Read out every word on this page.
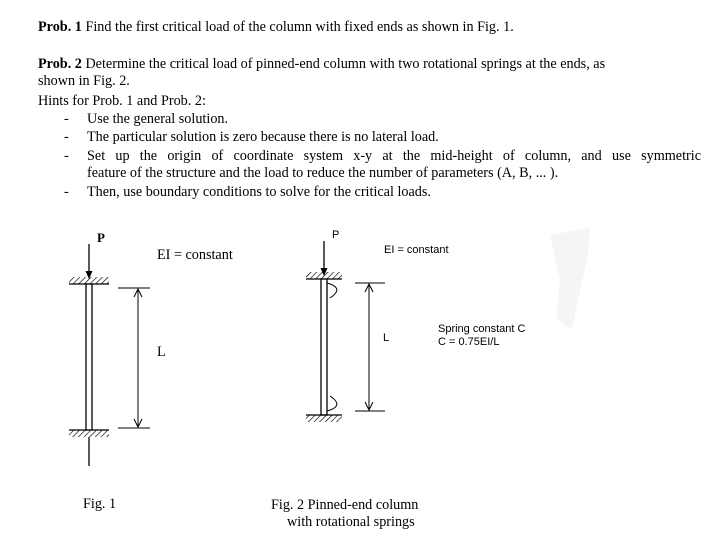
Prob. 1 Find the first critical load of the column with fixed ends as shown in Fig. 1.
Prob. 2 Determine the critical load of pinned-end column with two rotational springs at the ends, as
shown in Fig. 2.
Hints for Prob. 1 and Prob. 2:
- Use the general solution.
- The particular solution is zero because there is no lateral load.
- Set up the origin of coordinate system x-y at the mid-height of column, and use symmetric
feature of the structure and the load to reduce the number of parameters (A, B, ... ).
- Then, use boundary conditions to solve for the critical loads.
P
EI = constant
L
Fig. 1
P
EI = constant
L
Spring constant C
C = 0.75EI/L
Fig. 2 Pinned-end column
with rotational springs
